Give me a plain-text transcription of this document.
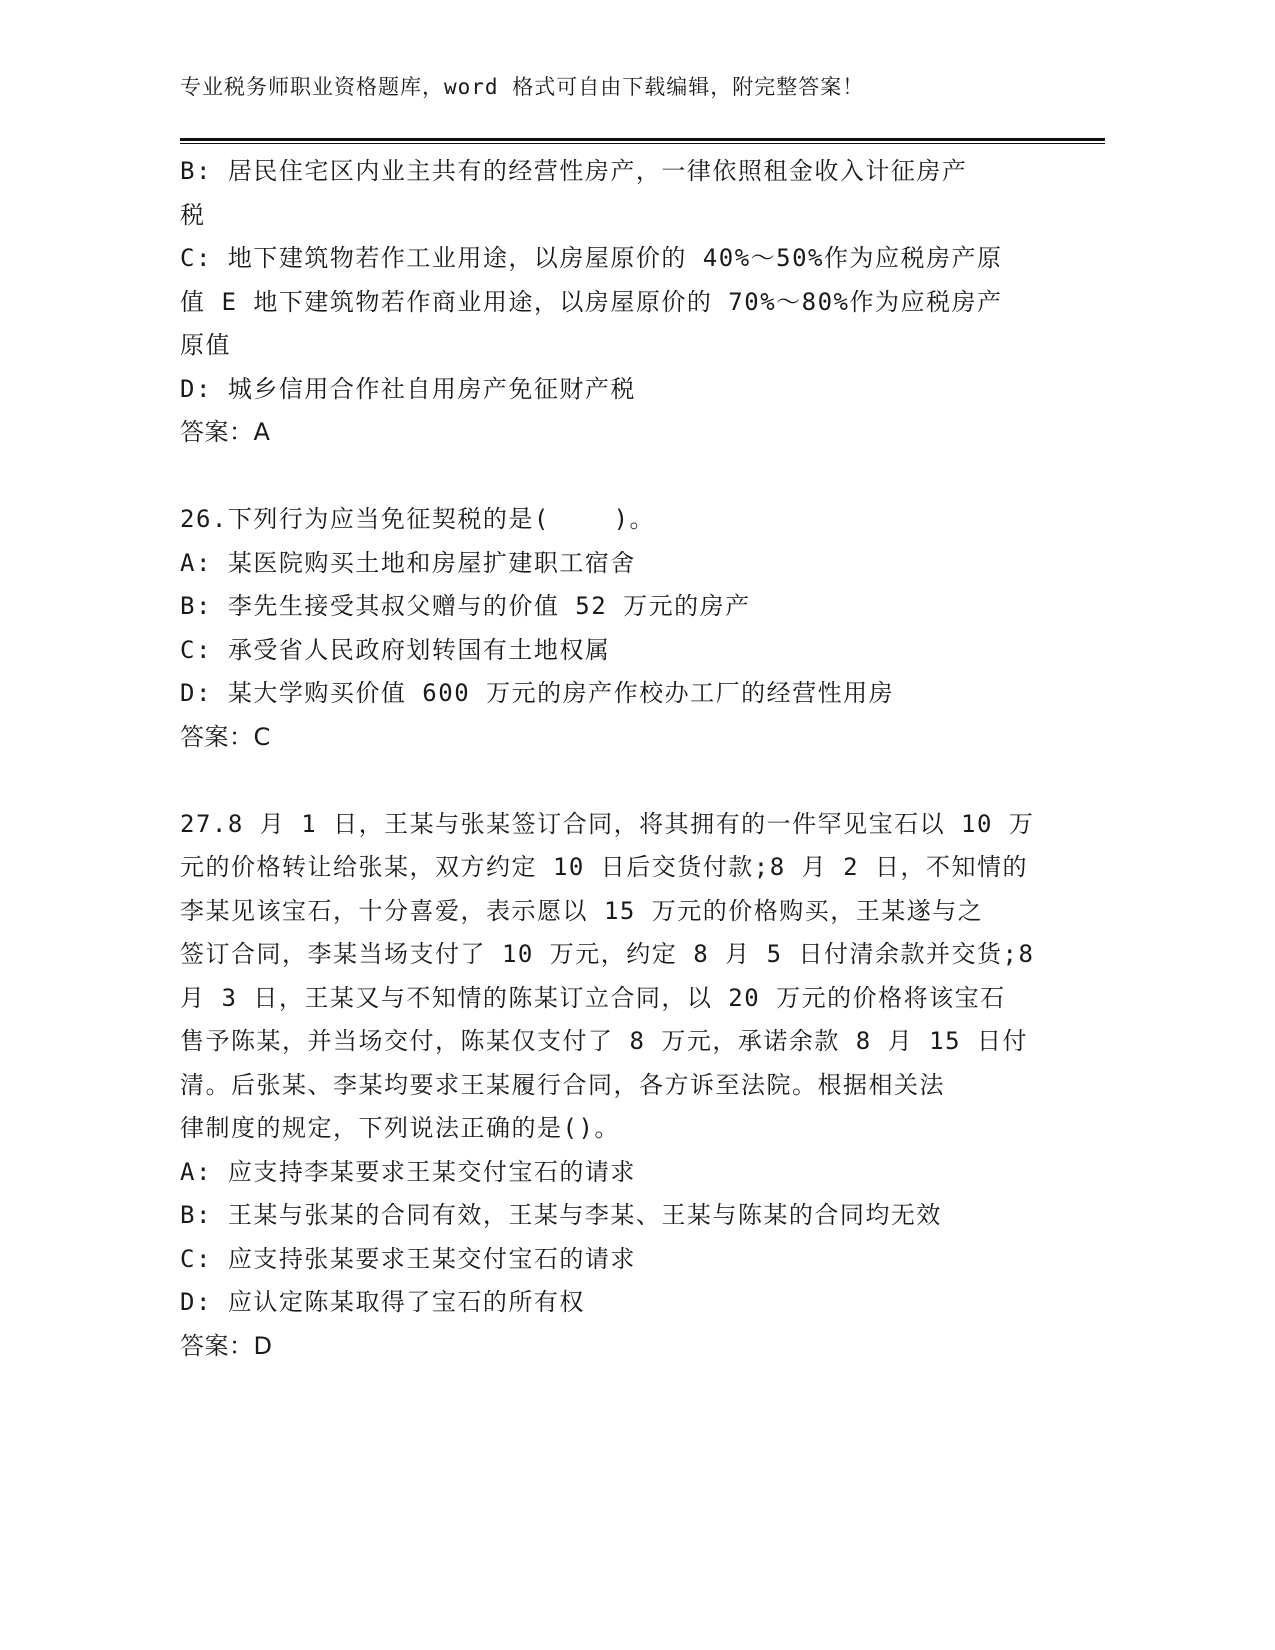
专业税务师职业资格题库，word 格式可自由下载编辑，附完整答案！
B: 居民住宅区内业主共有的经营性房产，一律依照租金收入计征房产
税
C: 地下建筑物若作工业用途，以房屋原价的 40%～50%作为应税房产原
值 E 地下建筑物若作商业用途，以房屋原价的 70%～80%作为应税房产
原值
D: 城乡信用合作社自用房产免征财产税
答案：A
26.下列行为应当免征契税的是(    )。
A: 某医院购买土地和房屋扩建职工宿舍
B: 李先生接受其叔父赠与的价值 52 万元的房产
C: 承受省人民政府划转国有土地权属
D: 某大学购买价值 600 万元的房产作校办工厂的经营性用房
答案：C
27.8 月 1 日，王某与张某签订合同，将其拥有的一件罕见宝石以 10 万
元的价格转让给张某，双方约定 10 日后交货付款;8 月 2 日，不知情的
李某见该宝石，十分喜爱，表示愿以 15 万元的价格购买，王某遂与之
签订合同，李某当场支付了 10 万元，约定 8 月 5 日付清余款并交货;8
月 3 日，王某又与不知情的陈某订立合同，以 20 万元的价格将该宝石
售予陈某，并当场交付，陈某仅支付了 8 万元，承诺余款 8 月 15 日付
清。后张某、李某均要求王某履行合同，各方诉至法院。根据相关法
律制度的规定，下列说法正确的是()。
A: 应支持李某要求王某交付宝石的请求
B: 王某与张某的合同有效，王某与李某、王某与陈某的合同均无效
C: 应支持张某要求王某交付宝石的请求
D: 应认定陈某取得了宝石的所有权
答案：D
